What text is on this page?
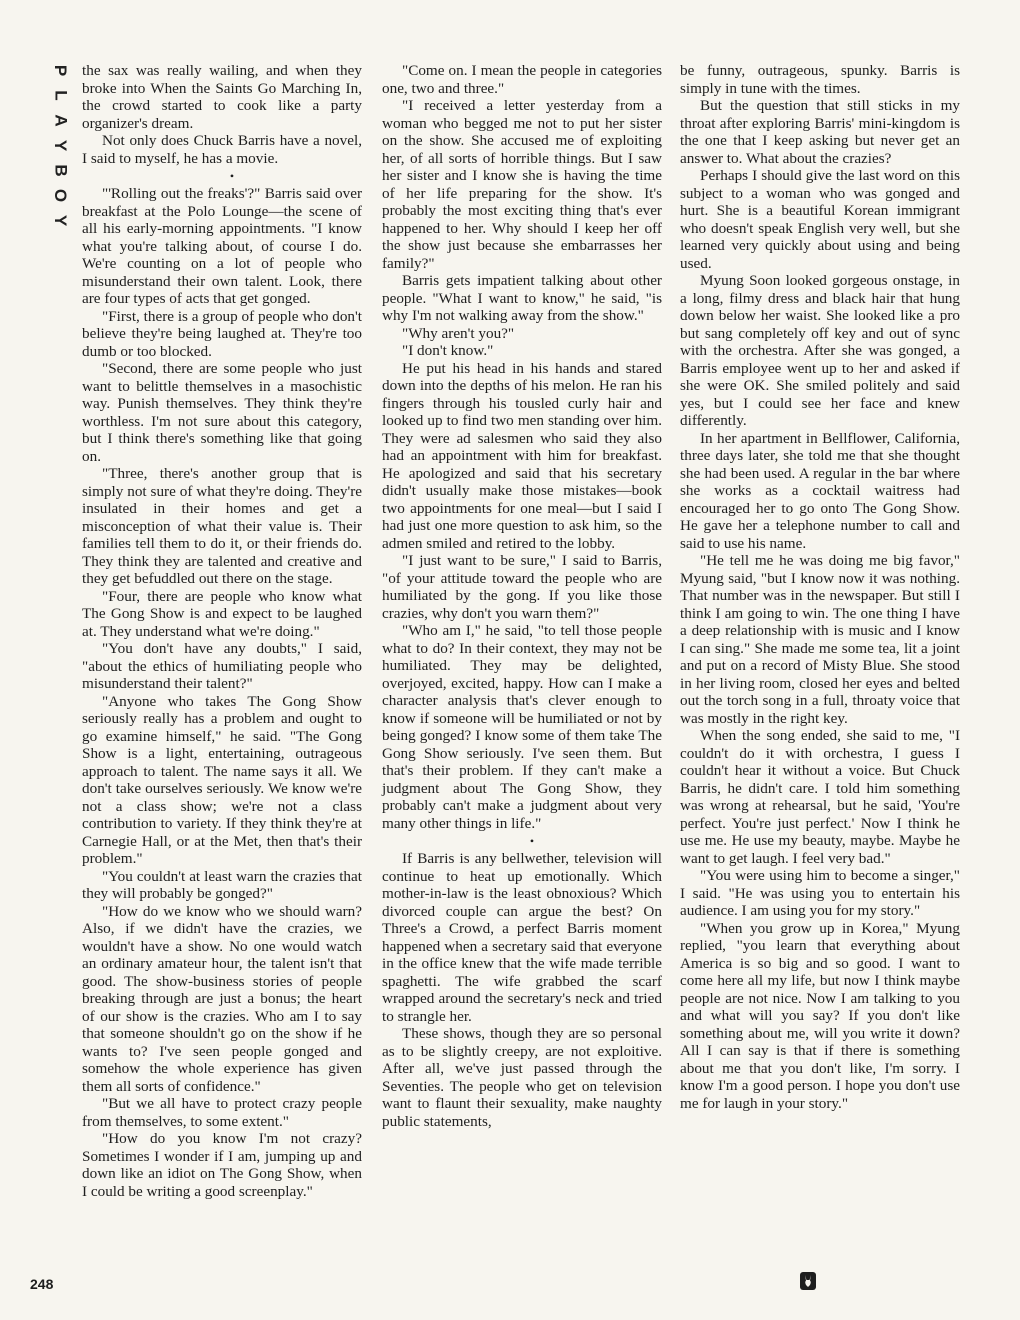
P
L
A
Y
B
O
Y
248

the sax was really wailing, and when they broke into When the Saints Go Marching In, the crowd started to cook like a party organizer's dream.

Not only does Chuck Barris have a novel, I said to myself, he has a movie.

•

"'Rolling out the freaks'?" Barris said over breakfast at the Polo Lounge—the scene of all his early-morning appointments. "I know what you're talking about, of course I do. We're counting on a lot of people who misunderstand their own talent. Look, there are four types of acts that get gonged.

"First, there is a group of people who don't believe they're being laughed at. They're too dumb or too blocked.

"Second, there are some people who just want to belittle themselves in a masochistic way. Punish themselves. They think they're worthless. I'm not sure about this category, but I think there's something like that going on.

"Three, there's another group that is simply not sure of what they're doing. They're insulated in their homes and get a misconception of what their value is. Their families tell them to do it, or their friends do. They think they are talented and creative and they get befuddled out there on the stage.

"Four, there are people who know what The Gong Show is and expect to be laughed at. They understand what we're doing."

"You don't have any doubts," I said, "about the ethics of humiliating people who misunderstand their talent?"

"Anyone who takes The Gong Show seriously really has a problem and ought to go examine himself," he said. "The Gong Show is a light, entertaining, outrageous approach to talent. The name says it all. We don't take ourselves seriously. We know we're not a class show; we're not a class contribution to variety. If they think they're at Carnegie Hall, or at the Met, then that's their problem."

"You couldn't at least warn the crazies that they will probably be gonged?"

"How do we know who we should warn? Also, if we didn't have the crazies, we wouldn't have a show. No one would watch an ordinary amateur hour, the talent isn't that good. The show-business stories of people breaking through are just a bonus; the heart of our show is the crazies. Who am I to say that someone shouldn't go on the show if he wants to? I've seen people gonged and somehow the whole experience has given them all sorts of confidence."

"But we all have to protect crazy people from themselves, to some extent."

"How do you know I'm not crazy? Sometimes I wonder if I am, jumping up and down like an idiot on The Gong Show, when I could be writing a good screenplay."

"Come on. I mean the people in categories one, two and three."

"I received a letter yesterday from a woman who begged me not to put her sister on the show. She accused me of exploiting her, of all sorts of horrible things. But I saw her sister and I know she is having the time of her life preparing for the show. It's probably the most exciting thing that's ever happened to her. Why should I keep her off the show just because she embarrasses her family?"

Barris gets impatient talking about other people. "What I want to know," he said, "is why I'm not walking away from the show."

"Why aren't you?"

"I don't know."

He put his head in his hands and stared down into the depths of his melon. He ran his fingers through his tousled curly hair and looked up to find two men standing over him. They were ad salesmen who said they also had an appointment with him for breakfast. He apologized and said that his secretary didn't usually make those mistakes—book two appointments for one meal—but I said I had just one more question to ask him, so the admen smiled and retired to the lobby.

"I just want to be sure," I said to Barris, "of your attitude toward the people who are humiliated by the gong. If you like those crazies, why don't you warn them?"

"Who am I," he said, "to tell those people what to do? In their context, they may not be humiliated. They may be delighted, overjoyed, excited, happy. How can I make a character analysis that's clever enough to know if someone will be humiliated or not by being gonged? I know some of them take The Gong Show seriously. I've seen them. But that's their problem. If they can't make a judgment about The Gong Show, they probably can't make a judgment about very many other things in life."

•

If Barris is any bellwether, television will continue to heat up emotionally. Which mother-in-law is the least obnoxious? Which divorced couple can argue the best? On Three's a Crowd, a perfect Barris moment happened when a secretary said that everyone in the office knew that the wife made terrible spaghetti. The wife grabbed the scarf wrapped around the secretary's neck and tried to strangle her.

These shows, though they are so personal as to be slightly creepy, are not exploitive. After all, we've just passed through the Seventies. The people who get on television want to flaunt their sexuality, make naughty public statements,

be funny, outrageous, spunky. Barris is simply in tune with the times.

But the question that still sticks in my throat after exploring Barris' mini-kingdom is the one that I keep asking but never get an answer to. What about the crazies?

Perhaps I should give the last word on this subject to a woman who was gonged and hurt. She is a beautiful Korean immigrant who doesn't speak English very well, but she learned very quickly about using and being used.

Myung Soon looked gorgeous onstage, in a long, filmy dress and black hair that hung down below her waist. She looked like a pro but sang completely off key and out of sync with the orchestra. After she was gonged, a Barris employee went up to her and asked if she were OK. She smiled politely and said yes, but I could see her face and knew differently.

In her apartment in Bellflower, California, three days later, she told me that she thought she had been used. A regular in the bar where she works as a cocktail waitress had encouraged her to go onto The Gong Show. He gave her a telephone number to call and said to use his name.

"He tell me he was doing me big favor," Myung said, "but I know now it was nothing. That number was in the newspaper. But still I think I am going to win. The one thing I have a deep relationship with is music and I know I can sing." She made me some tea, lit a joint and put on a record of Misty Blue. She stood in her living room, closed her eyes and belted out the torch song in a full, throaty voice that was mostly in the right key.

When the song ended, she said to me, "I couldn't do it with orchestra, I guess I couldn't hear it without a voice. But Chuck Barris, he didn't care. I told him something was wrong at rehearsal, but he said, 'You're perfect. You're just perfect.' Now I think he use me. He use my beauty, maybe. Maybe he want to get laugh. I feel very bad."

"You were using him to become a singer," I said. "He was using you to entertain his audience. I am using you for my story."

"When you grow up in Korea," Myung replied, "you learn that everything about America is so big and so good. I want to come here all my life, but now I think maybe people are not nice. Now I am talking to you and what will you say? If you don't like something about me, will you write it down? All I can say is that if there is something about me that you don't like, I'm sorry. I know I'm a good person. I hope you don't use me for laugh in your story."
